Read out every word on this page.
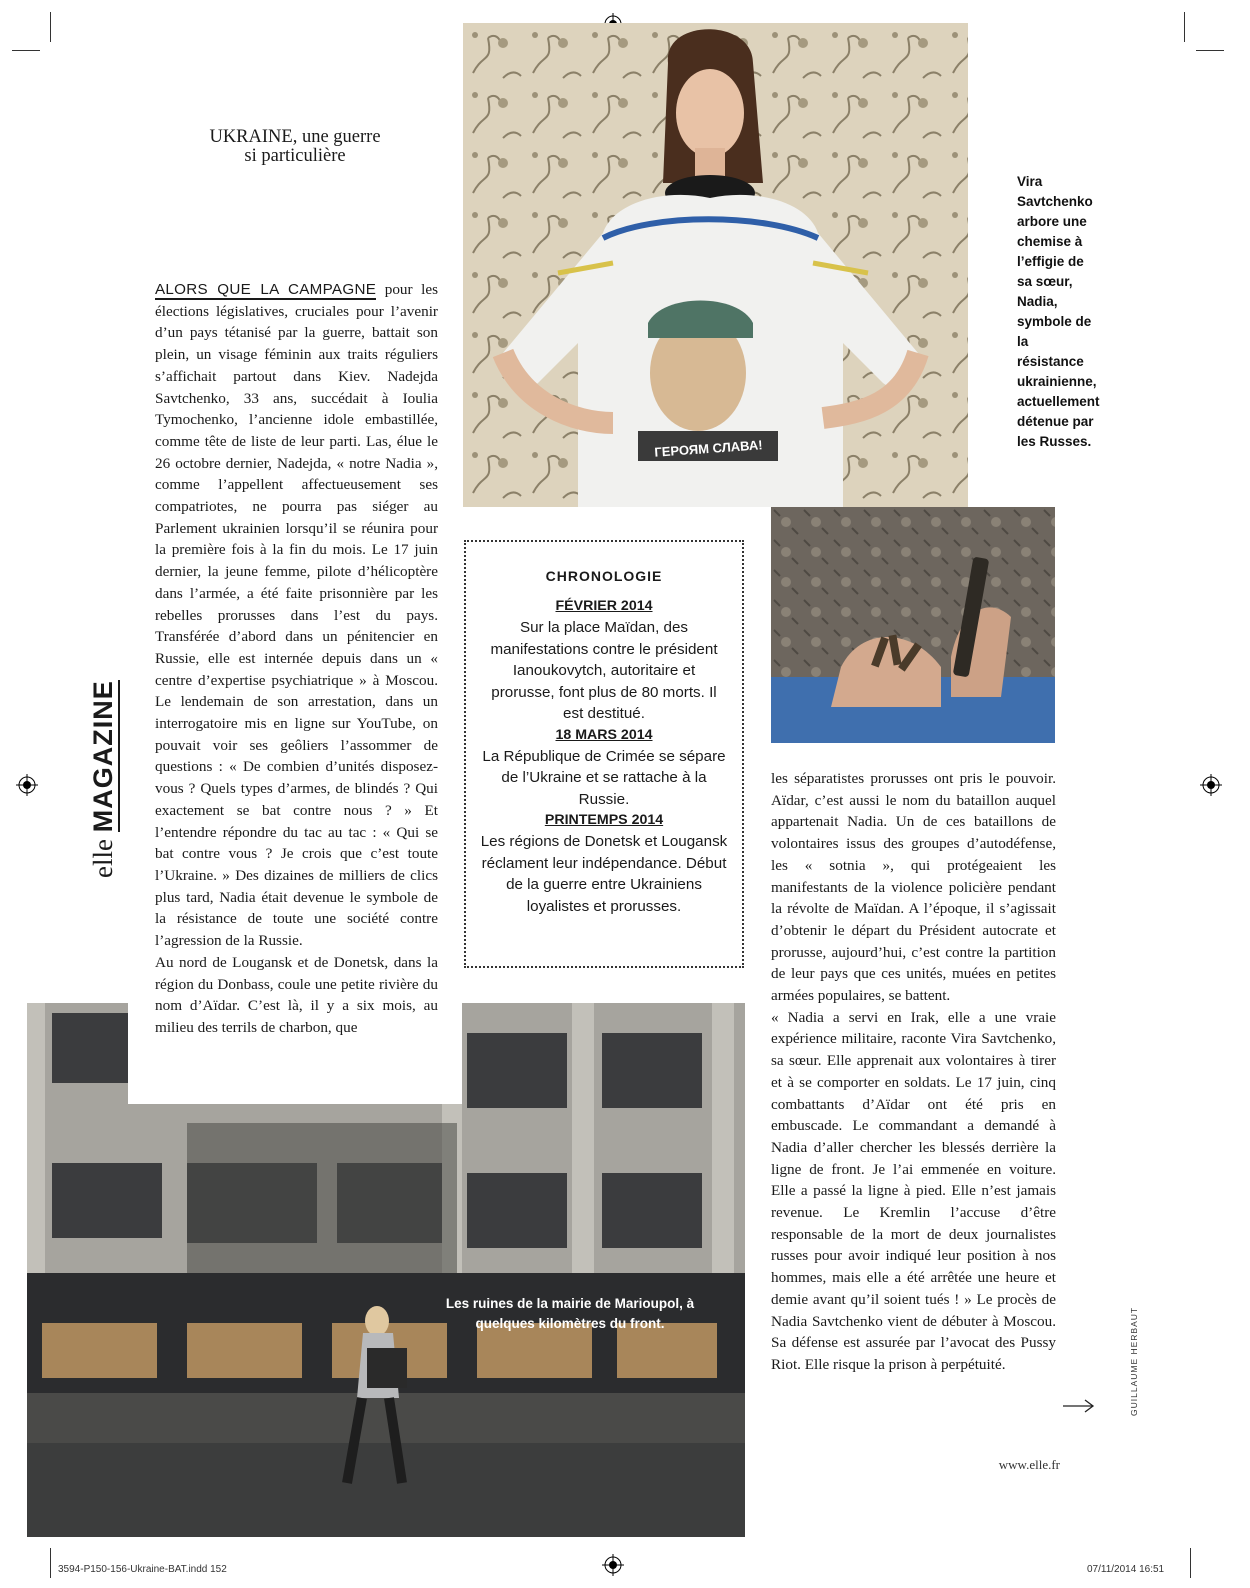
UKRAINE, une guerre
si particulière
elle MAGAZINE
ГЕРОЯМ СЛАВА!
Vira Savtchenko arbore une chemise à l’effigie de sa sœur, Nadia, symbole de la résistance ukrainienne, actuellement détenue par les Russes.
CHRONOLOGIE
FÉVRIER 2014
Sur la place Maïdan, des manifestations contre le président Ianoukovytch, autoritaire et prorusse, font plus de 80 morts. Il est destitué.
18 MARS 2014
La République de Crimée se sépare de l’Ukraine et se rattache à la Russie.
PRINTEMPS 2014
Les régions de Donetsk et Lougansk réclament leur indépendance. Début de la guerre entre Ukrainiens loyalistes et prorusses.
Les ruines de la mairie de Marioupol, à quelques kilomètres du front.

ALORS QUE LA CAMPAGNE pour les élections législatives, cruciales pour l’avenir d’un pays tétanisé par la guerre, battait son plein, un visage féminin aux traits réguliers s’affichait partout dans Kiev. Nadejda Savtchenko, 33 ans, succédait à Ioulia Tymochenko, l’ancienne idole embastillée, comme tête de liste de leur parti. Las, élue le 26 octobre dernier, Nadejda, « notre Nadia », comme l’appellent affectueusement ses compatriotes, ne pourra pas siéger au Parlement ukrainien lorsqu’il se réunira pour la première fois à la fin du mois. Le 17 juin dernier, la jeune femme, pilote d’hélicoptère dans l’armée, a été faite prisonnière par les rebelles prorusses dans l’est du pays. Transférée d’abord dans un pénitencier en Russie, elle est internée depuis dans un « centre d’expertise psychiatrique » à Moscou. Le lendemain de son arrestation, dans un interrogatoire mis en ligne sur YouTube, on pouvait voir ses geôliers l’assommer de questions : « De combien d’unités disposez-vous ? Quels types d’armes, de blindés ? Qui exactement se bat contre nous ? » Et l’entendre répondre du tac au tac : « Qui se bat contre vous ? Je crois que c’est toute l’Ukraine. » Des dizaines de milliers de clics plus tard, Nadia était devenue le symbole de la résistance de toute une société contre l’agression de la Russie.

Au nord de Lougansk et de Donetsk, dans la région du Donbass, coule une petite rivière du nom d’Aïdar. C’est là, il y a six mois, au milieu des terrils de charbon, que

les séparatistes prorusses ont pris le pouvoir. Aïdar, c’est aussi le nom du bataillon auquel appartenait Nadia. Un de ces bataillons de volontaires issus des groupes d’autodéfense, les « sotnia », qui protégeaient les manifestants de la violence policière pendant la révolte de Maïdan. A l’époque, il s’agissait d’obtenir le départ du Président autocrate et prorusse, aujourd’hui, c’est contre la partition de leur pays que ces unités, muées en petites armées populaires, se battent.

« Nadia a servi en Irak, elle a une vraie expérience militaire, raconte Vira Savtchenko, sa sœur. Elle apprenait aux volontaires à tirer et à se comporter en soldats. Le 17 juin, cinq combattants d’Aïdar ont été pris en embuscade. Le commandant a demandé à Nadia d’aller chercher les blessés derrière la ligne de front. Je l’ai emmenée en voiture. Elle a passé la ligne à pied. Elle n’est jamais revenue. Le Kremlin l’accuse d’être responsable de la mort de deux journalistes russes pour avoir indiqué leur position à nos hommes, mais elle a été arrêtée une heure et demie avant qu’il soient tués ! » Le procès de Nadia Savtchenko vient de débuter à Moscou. Sa défense est assurée par l’avocat des Pussy Riot. Elle risque la prison à perpétuité.	GUILLAUME HERBAUT
www.elle.fr
3594-P150-156-Ukraine-BAT.indd 152	07/11/2014 16:51
